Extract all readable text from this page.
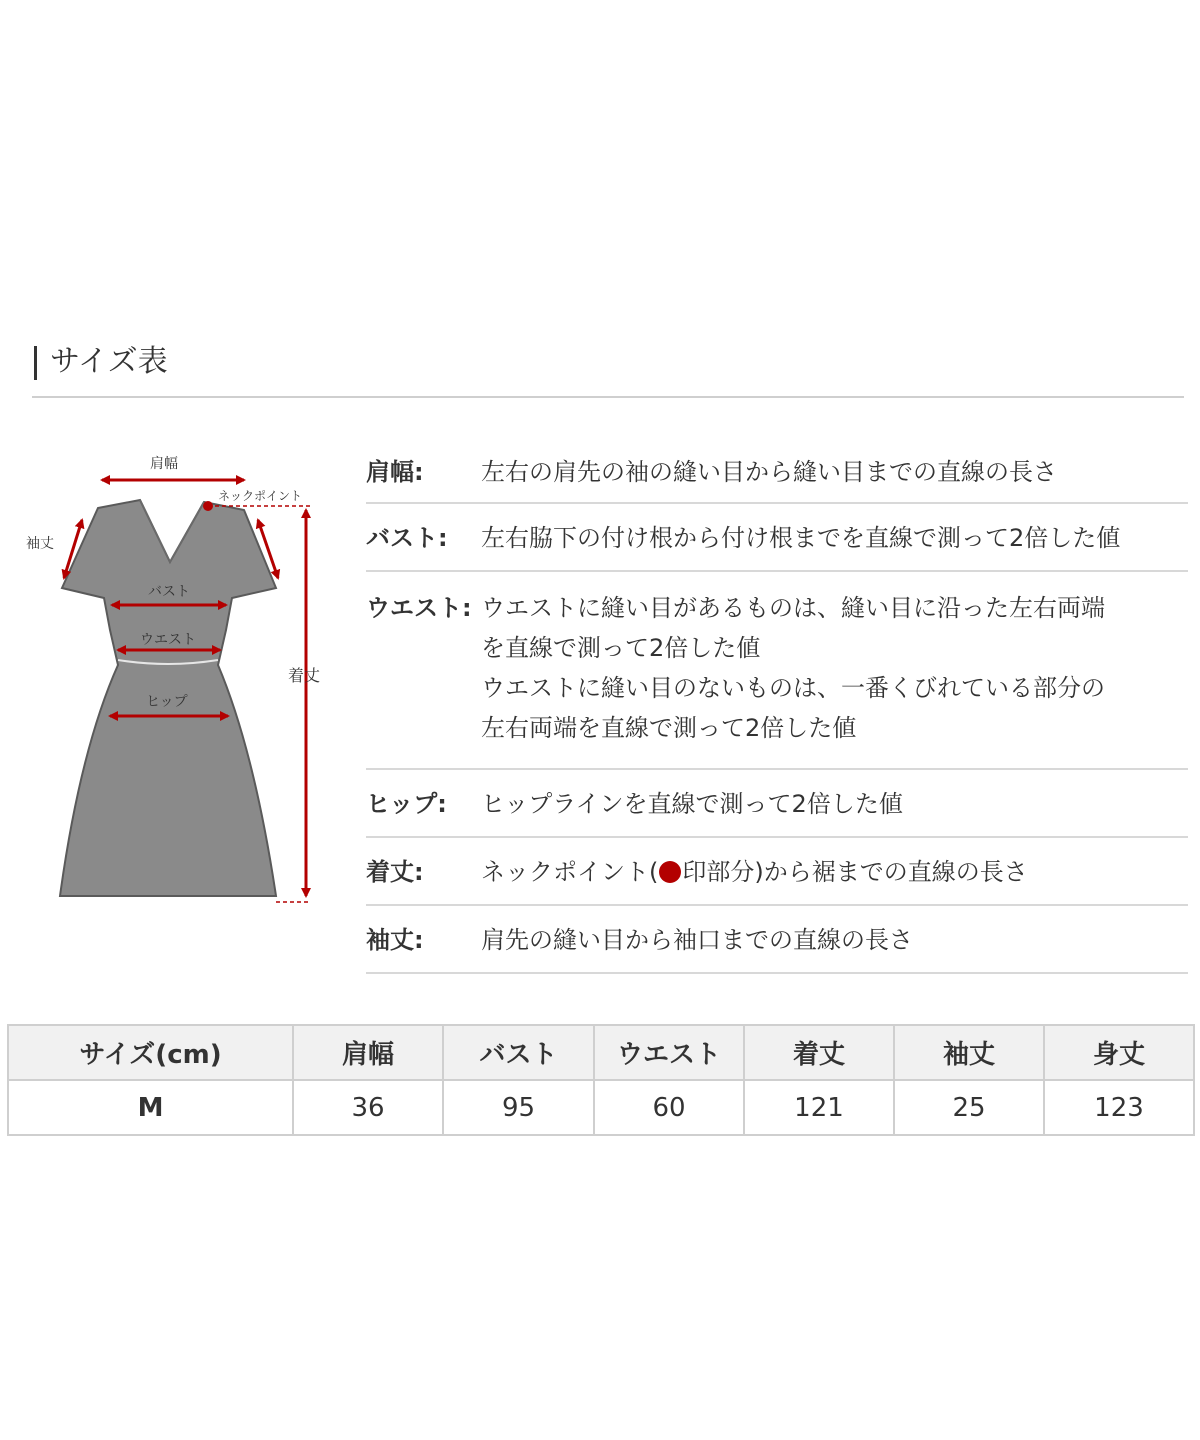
サイズ表
肩幅
ネックポイント
袖丈
バスト
ウエスト
ヒップ
着丈
肩幅: 左右の肩先の袖の縫い目から縫い目までの直線の長さ
バスト: 左右脇下の付け根から付け根までを直線で測って2倍した値
ウエスト: ウエストに縫い目があるものは、縫い目に沿った左右両端
を直線で測って2倍した値
ウエストに縫い目のないものは、一番くびれている部分の
左右両端を直線で測って2倍した値
ヒップ: ヒップラインを直線で測って2倍した値
着丈: ネックポイント( 印部分)から裾までの直線の長さ
袖丈: 肩先の縫い目から袖口までの直線の長さ
サイズ(cm)	肩幅	バスト	ウエスト	着丈	袖丈	身丈
M	36	95	60	121	25	123
